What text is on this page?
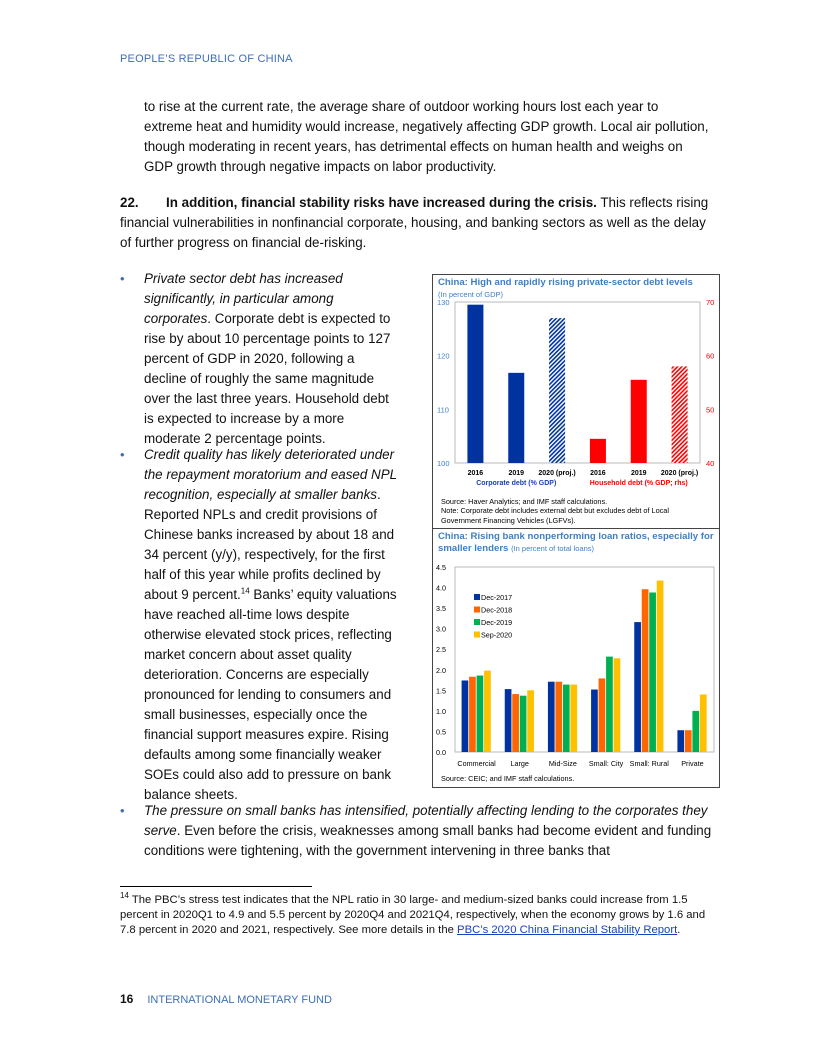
PEOPLE’S REPUBLIC OF CHINA
to rise at the current rate, the average share of outdoor working hours lost each year to extreme heat and humidity would increase, negatively affecting GDP growth. Local air pollution, though moderating in recent years, has detrimental effects on human health and weighs on GDP growth through negative impacts on labor productivity.
22. In addition, financial stability risks have increased during the crisis. This reflects rising financial vulnerabilities in nonfinancial corporate, housing, and banking sectors as well as the delay of further progress on financial de-risking.
• Private sector debt has increased significantly, in particular among corporates. Corporate debt is expected to rise by about 10 percentage points to 127 percent of GDP in 2020, following a decline of roughly the same magnitude over the last three years. Household debt is expected to increase by a more moderate 2 percentage points.
• Credit quality has likely deteriorated under the repayment moratorium and eased NPL recognition, especially at smaller banks. Reported NPLs and credit provisions of Chinese banks increased by about 18 and 34 percent (y/y), respectively, for the first half of this year while profits declined by about 9 percent.$^{14}$ Banks’ equity valuations have reached all-time lows despite otherwise elevated stock prices, reflecting market concern about asset quality deterioration. Concerns are especially pronounced for lending to consumers and small businesses, especially once the financial support measures expire. Rising defaults among some financially weaker SOEs could also add to pressure on bank balance sheets.
• The pressure on small banks has intensified, potentially affecting lending to the corporates they serve. Even before the crisis, weaknesses among small banks had become evident and funding conditions were tightening, with the government intervening in three banks that
China: High and rapidly rising private-sector debt levels
(In percent of GDP)
100
110
120
130
40
50
60
70
2016	2019 2020 (proj.) 2016	2019 2020 (proj.)
Corporate debt (% GDP)	Household debt (% GDP; rhs)
Source: Haver Analytics; and IMF staff calculations.
Note: Corporate debt includes external debt but excludes debt of Local Government Financing Vehicles (LGFVs).
China: Rising bank nonperforming loan ratios, especially for smaller lenders (In percent of total loans)
0.0
0.5
1.0
1.5
2.0
2.5
3.0
3.5
4.0
4.5
Commercial Large	Mid-Size Small: City Small: Rural Private
Dec-2017
Dec-2018
Dec-2019
Sep-2020
Source: CEIC; and IMF staff calculations.
$^{14}$ The PBC’s stress test indicates that the NPL ratio in 30 large- and medium-sized banks could increase from 1.5 percent in 2020Q1 to 4.9 and 5.5 percent by 2020Q4 and 2021Q4, respectively, when the economy grows by 1.6 and 7.8 percent in 2020 and 2021, respectively. See more details in the PBC’s 2020 China Financial Stability Report.
16 INTERNATIONAL MONETARY FUND
